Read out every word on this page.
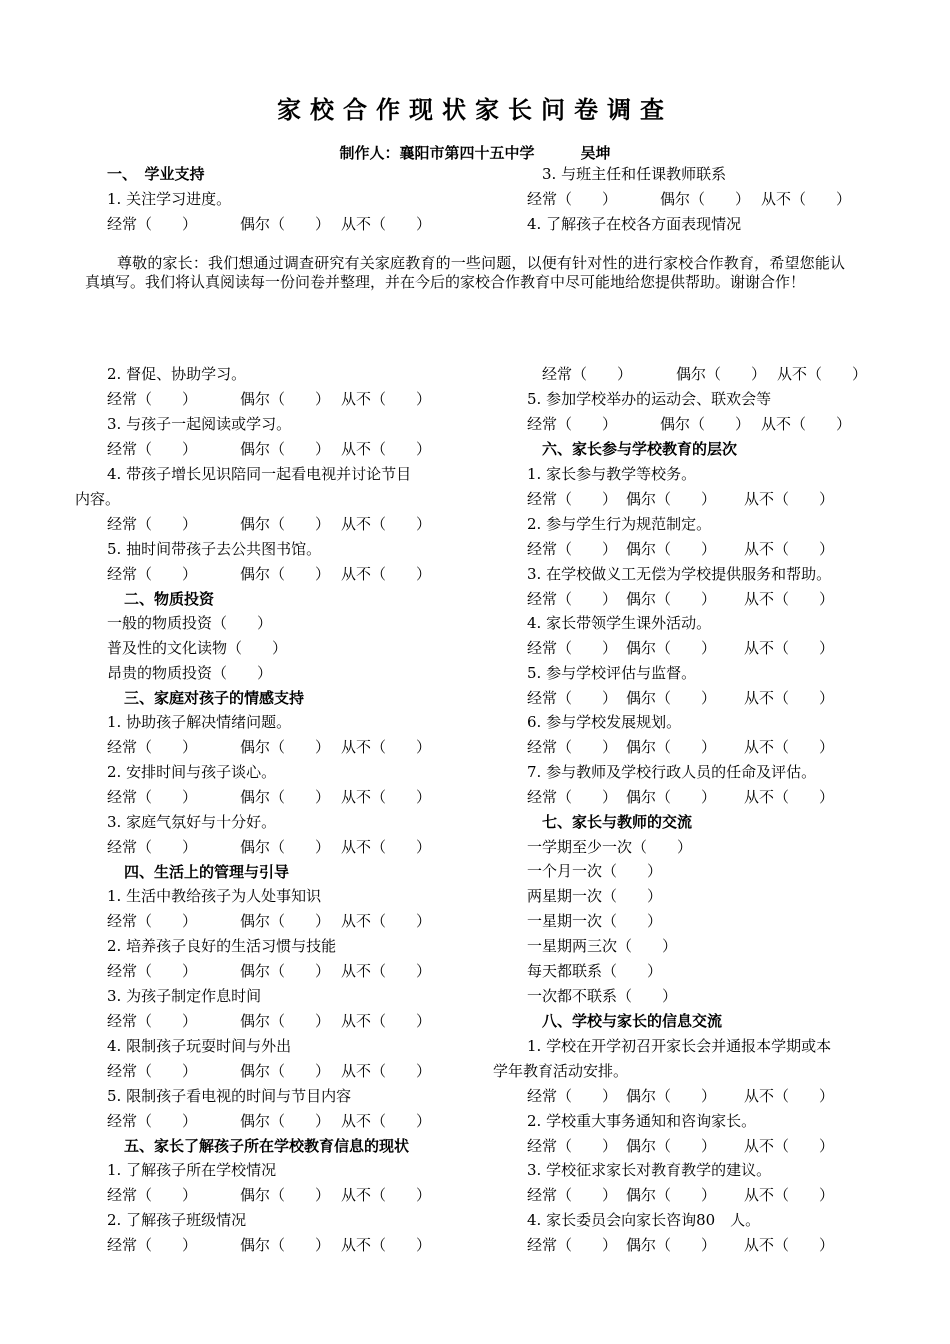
家校合作现状家长问卷调查
制作人：襄阳市第四十五中学	吴坤
一、　学业支持
1. 关注学习进度。
经常（　　）	偶尔（　　） 从不（　　）
3. 与班主任和任课教师联系
经常（　　）	偶尔（　　） 从不（　　）
4. 了解孩子在校各方面表现情况
尊敬的家长：我们想通过调查研究有关家庭教育的一些问题，以便有针对性的进行家校合作教育，希望您能认真填写。我们将认真阅读每一份问卷并整理，并在今后的家校合作教育中尽可能地给您提供帮助。谢谢合作！
2. 督促、协助学习。
经常（　　）	偶尔（　　） 从不（　　）
3. 与孩子一起阅读或学习。
经常（　　）	偶尔（　　） 从不（　　）
4. 带孩子增长见识陪同一起看电视并讨论节目
内容。
经常（　　）	偶尔（　　） 从不（　　）
5. 抽时间带孩子去公共图书馆。
经常（　　）	偶尔（　　） 从不（　　）
二、物质投资
一般的物质投资（　　）
普及性的文化读物（　　）
昂贵的物质投资（　　）
三、家庭对孩子的情感支持
1. 协助孩子解决情绪问题。
经常（　　）	偶尔（　　） 从不（　　）
2. 安排时间与孩子谈心。
经常（　　）	偶尔（　　） 从不（　　）
3. 家庭气氛好与十分好。
经常（　　）	偶尔（　　） 从不（　　）
四、生活上的管理与引导
1. 生活中教给孩子为人处事知识
经常（　　）	偶尔（　　） 从不（　　）
2. 培养孩子良好的生活习惯与技能
经常（　　）	偶尔（　　） 从不（　　）
3. 为孩子制定作息时间
经常（　　）	偶尔（　　） 从不（　　）
4. 限制孩子玩耍时间与外出
经常（　　）	偶尔（　　） 从不（　　）
5. 限制孩子看电视的时间与节目内容
经常（　　）	偶尔（　　） 从不（　　）
五、家长了解孩子所在学校教育信息的现状
1. 了解孩子所在学校情况
经常（　　）	偶尔（　　） 从不（　　）
2. 了解孩子班级情况
经常（　　）	偶尔（　　） 从不（　　）
经常（　　）	偶尔（　　） 从不（　　）
5. 参加学校举办的运动会、联欢会等
经常（　　）	偶尔（　　） 从不（　　）
六、家长参与学校教育的层次
1. 家长参与教学等校务。
经常（　　） 偶尔（　　） 从不（　　）
2. 参与学生行为规范制定。
经常（　　） 偶尔（　　） 从不（　　）
3. 在学校做义工无偿为学校提供服务和帮助。
经常（　　） 偶尔（　　） 从不（　　）
4. 家长带领学生课外活动。
经常（　　） 偶尔（　　） 从不（　　）
5. 参与学校评估与监督。
经常（　　） 偶尔（　　） 从不（　　）
6. 参与学校发展规划。
经常（　　） 偶尔（　　） 从不（　　）
7. 参与教师及学校行政人员的任命及评估。
经常（　　） 偶尔（　　） 从不（　　）
七、家长与教师的交流
一学期至少一次（　　）
一个月一次（　　）
两星期一次（　　）
一星期一次（　　）
一星期两三次（　　）
每天都联系（　　）
一次都不联系（　　）
八、学校与家长的信息交流
1. 学校在开学初召开家长会并通报本学期或本
学年教育活动安排。
经常（　　） 偶尔（　　） 从不（　　）
2. 学校重大事务通知和咨询家长。
经常（　　） 偶尔（　　） 从不（　　）
3. 学校征求家长对教育教学的建议。
经常（　　） 偶尔（　　） 从不（　　）
4. 家长委员会向家长咨询80　人。
经常（　　） 偶尔（　　） 从不（　　）
